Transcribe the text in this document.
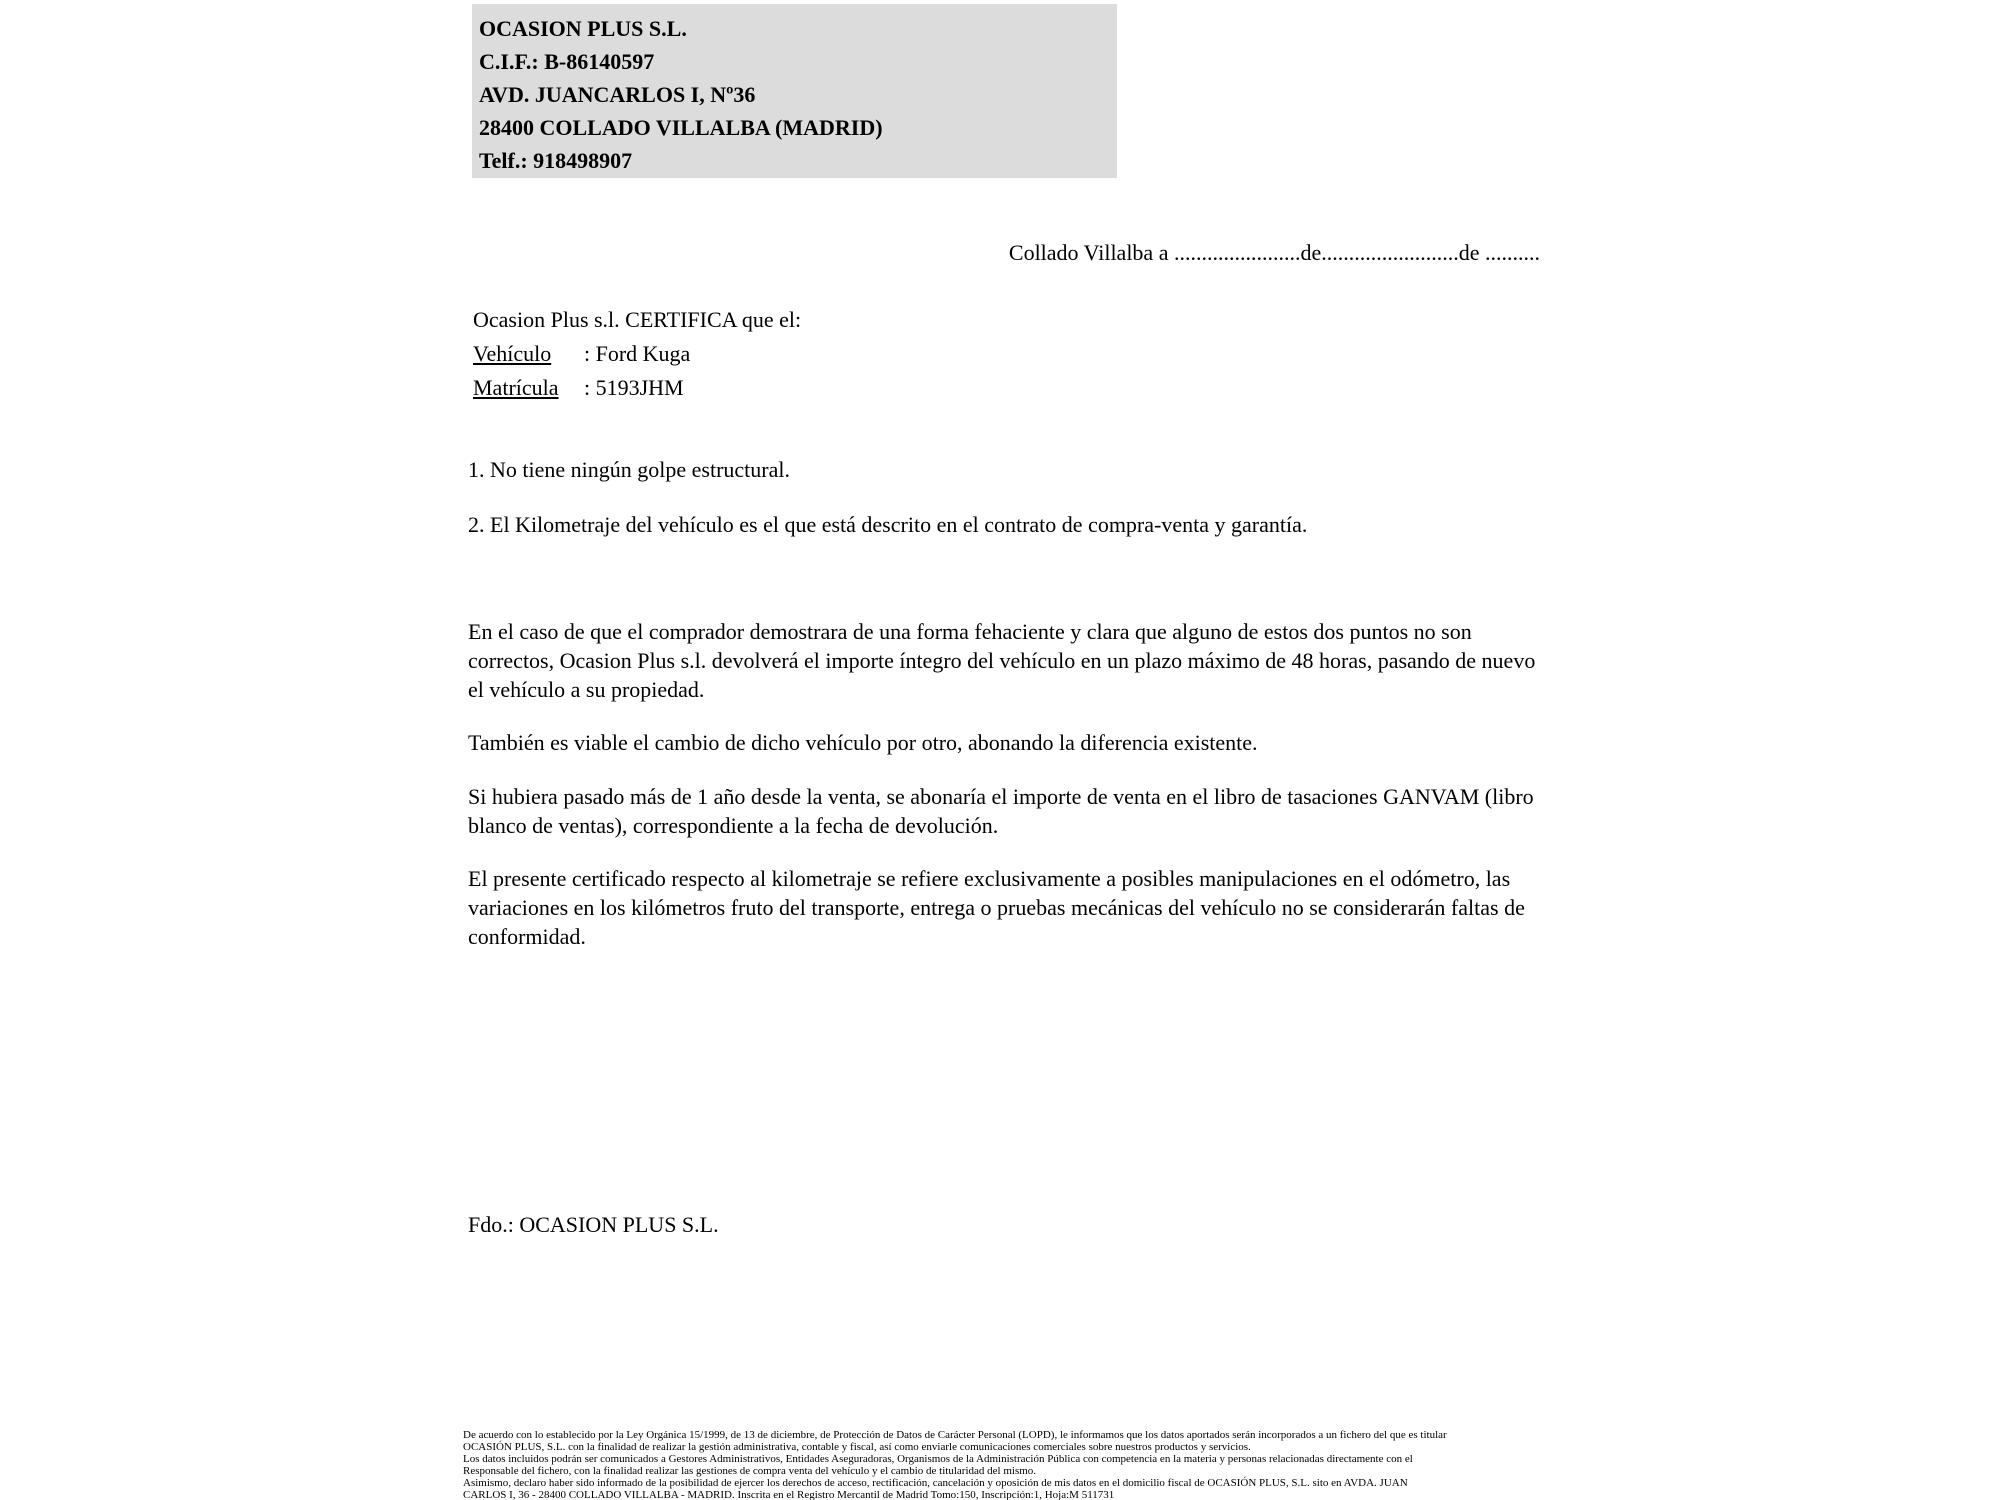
OCASION PLUS S.L.
C.I.F.: B-86140597
AVD. JUANCARLOS I, Nº36
28400 COLLADO VILLALBA (MADRID)
Telf.: 918498907
Collado Villalba a .......................de.........................de ..........
Ocasion Plus s.l. CERTIFICA que el:
Vehículo : Ford Kuga
Matrícula : 5193JHM

1. No tiene ningún golpe estructural.

2. El Kilometraje del vehículo es el que está descrito en el contrato de compra-venta y garantía.

En el caso de que el comprador demostrara de una forma fehaciente y clara que alguno de estos dos puntos no son correctos, Ocasion Plus s.l. devolverá el importe íntegro del vehículo en un plazo máximo de 48 horas, pasando de nuevo el vehículo a su propiedad.

También es viable el cambio de dicho vehículo por otro, abonando la diferencia existente.

Si hubiera pasado más de 1 año desde la venta, se abonaría el importe de venta en el libro de tasaciones GANVAM (libro blanco de ventas), correspondiente a la fecha de devolución.

El presente certificado respecto al kilometraje se refiere exclusivamente a posibles manipulaciones en el odómetro, las variaciones en los kilómetros fruto del transporte, entrega o pruebas mecánicas del vehículo no se considerarán faltas de conformidad.

Fdo.: OCASION PLUS S.L.
De acuerdo con lo establecido por la Ley Orgánica 15/1999, de 13 de diciembre, de Protección de Datos de Carácter Personal (LOPD), le informamos que los datos aportados serán incorporados a un fichero del que es titular
OCASIÓN PLUS, S.L. con la finalidad de realizar la gestión administrativa, contable y fiscal, así como enviarle comunicaciones comerciales sobre nuestros productos y servicios.
Los datos incluidos podrán ser comunicados a Gestores Administrativos, Entidades Aseguradoras, Organismos de la Administración Pública con competencia en la materia y personas relacionadas directamente con el
Responsable del fichero, con la finalidad realizar las gestiones de compra venta del vehículo y el cambio de titularidad del mismo.
Asimismo, declaro haber sido informado de la posibilidad de ejercer los derechos de acceso, rectificación, cancelación y oposición de mis datos en el domicilio fiscal de OCASIÓN PLUS, S.L. sito en AVDA. JUAN
CARLOS I, 36 - 28400 COLLADO VILLALBA - MADRID. Inscrita en el Registro Mercantil de Madrid Tomo:150, Inscripción:1, Hoja:M 511731
